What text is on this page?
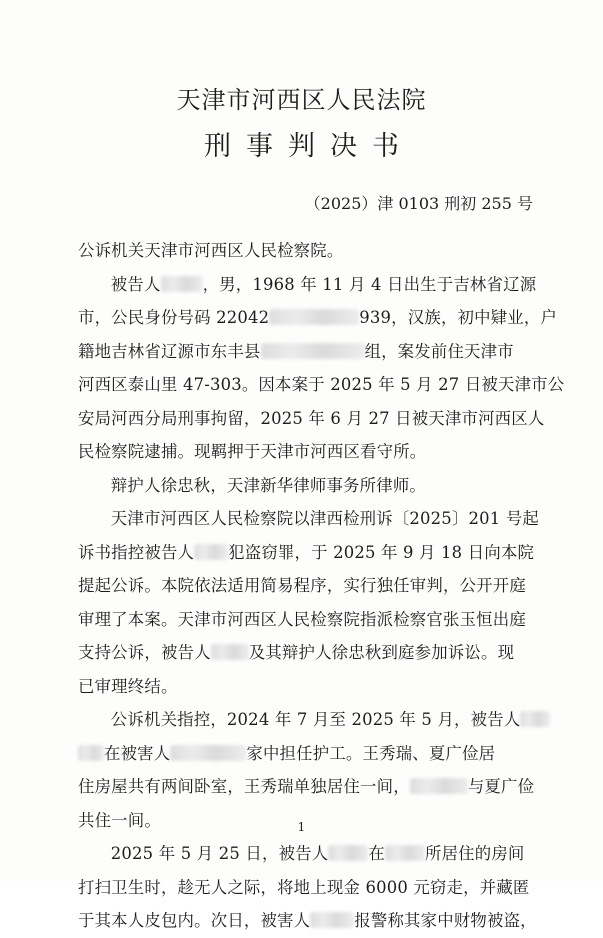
天津市河西区人民法院
刑事判决书
（2025）津 0103 刑初 255 号

公诉机关天津市河西区人民检察院。

被告人	，男，1968 年 11 月 4 日出生于吉林省辽源
市，公民身份号码 22042	939，汉族，初中肄业，户
籍地吉林省辽源市东丰县	组，案发前住天津市
河西区泰山里 47-303。因本案于 2025 年 5 月 27 日被天津市公
安局河西分局刑事拘留，2025 年 6 月 27 日被天津市河西区人
民检察院逮捕。现羁押于天津市河西区看守所。

辩护人徐忠秋，天津新华律师事务所律师。

天津市河西区人民检察院以津西检刑诉〔2025〕201 号起
诉书指控被告人 犯盗窃罪，于 2025 年 9 月 18 日向本院
提起公诉。本院依法适用简易程序，实行独任审判，公开开庭
审理了本案。天津市河西区人民检察院指派检察官张玉恒出庭
支持公诉，被告人 及其辩护人徐忠秋到庭参加诉讼。现
已审理终结。

公诉机关指控，2024 年 7 月至 2025 年 5 月，被告人
在被害人	家中担任护工。王秀瑞、夏广俭居
住房屋共有两间卧室，王秀瑞单独居住一间，	与夏广俭
共住一间。

2025 年 5 月 25 日，被告人 在 所居住的房间
打扫卫生时，趁无人之际，将地上现金 6000 元窃走，并藏匿
于其本人皮包内。次日，被害人	报警称其家中财物被盗，

1
